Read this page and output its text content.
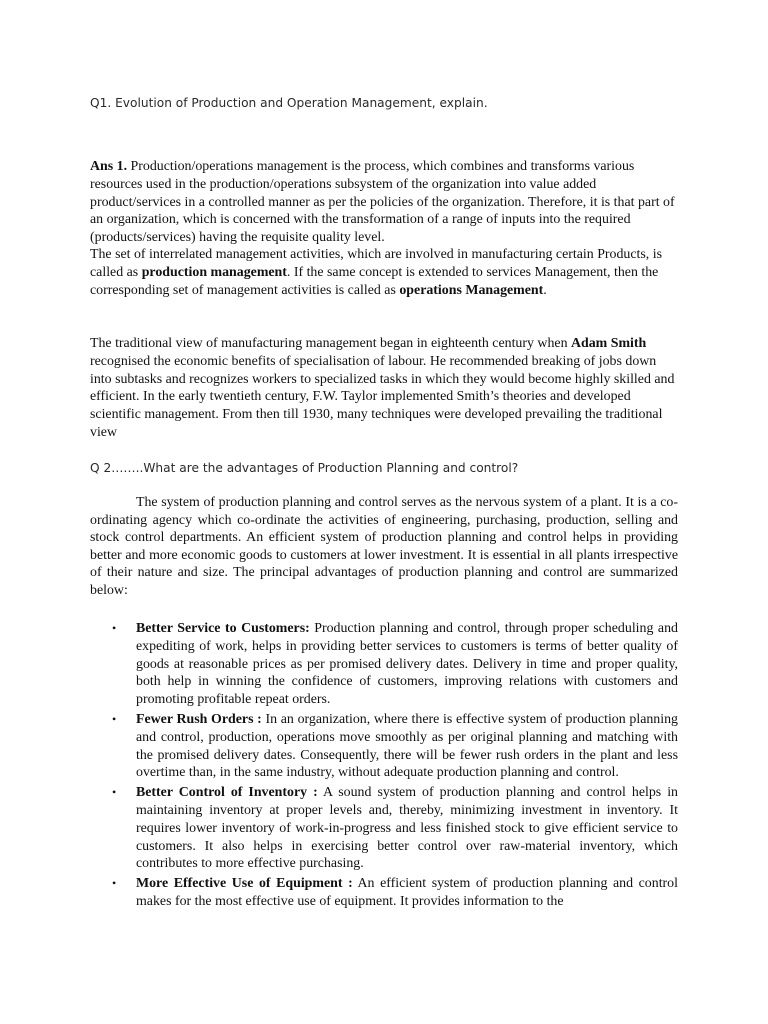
Q1. Evolution of Production and Operation Management, explain.

Ans 1. Production/operations management is the process, which combines and transforms various resources used in the production/operations subsystem of the organization into value added product/services in a controlled manner as per the policies of the organization. Therefore, it is that part of an organization, which is concerned with the transformation of a range of inputs into the required (products/services) having the requisite quality level.

The set of interrelated management activities, which are involved in manufacturing certain Products, is called as production management. If the same concept is extended to services Management, then the corresponding set of management activities is called as operations Management.

The traditional view of manufacturing management began in eighteenth century when Adam Smith recognised the economic benefits of specialisation of labour. He recommended breaking of jobs down into subtasks and recognizes workers to specialized tasks in which they would become highly skilled and efficient. In the early twentieth century, F.W. Taylor implemented Smith’s theories and developed scientific management. From then till 1930, many techniques were developed prevailing the traditional view

Q 2……..What are the advantages of Production Planning and control?

The system of production planning and control serves as the nervous system of a plant. It is a co- ordinating agency which co-ordinate the activities of engineering, purchasing, production, selling and stock control departments. An efficient system of production planning and control helps in providing better and more economic goods to customers at lower investment. It is essential in all plants irrespective of their nature and size. The principal advantages of production planning and control are summarized below:

• Better Service to Customers: Production planning and control, through proper scheduling and expediting of work, helps in providing better services to customers is terms of better quality of goods at reasonable prices as per promised delivery dates. Delivery in time and proper quality, both help in winning the confidence of customers, improving relations with customers and promoting profitable repeat orders.
• Fewer Rush Orders : In an organization, where there is effective system of production planning and control, production, operations move smoothly as per original planning and matching with the promised delivery dates. Consequently, there will be fewer rush orders in the plant and less overtime than, in the same industry, without adequate production planning and control.
• Better Control of Inventory : A sound system of production planning and control helps in maintaining inventory at proper levels and, thereby, minimizing investment in inventory. It requires lower inventory of work-in-progress and less finished stock to give efficient service to customers. It also helps in exercising better control over raw-material inventory, which contributes to more effective purchasing.
• More Effective Use of Equipment : An efficient system of production planning and control makes for the most effective use of equipment. It provides information to the
